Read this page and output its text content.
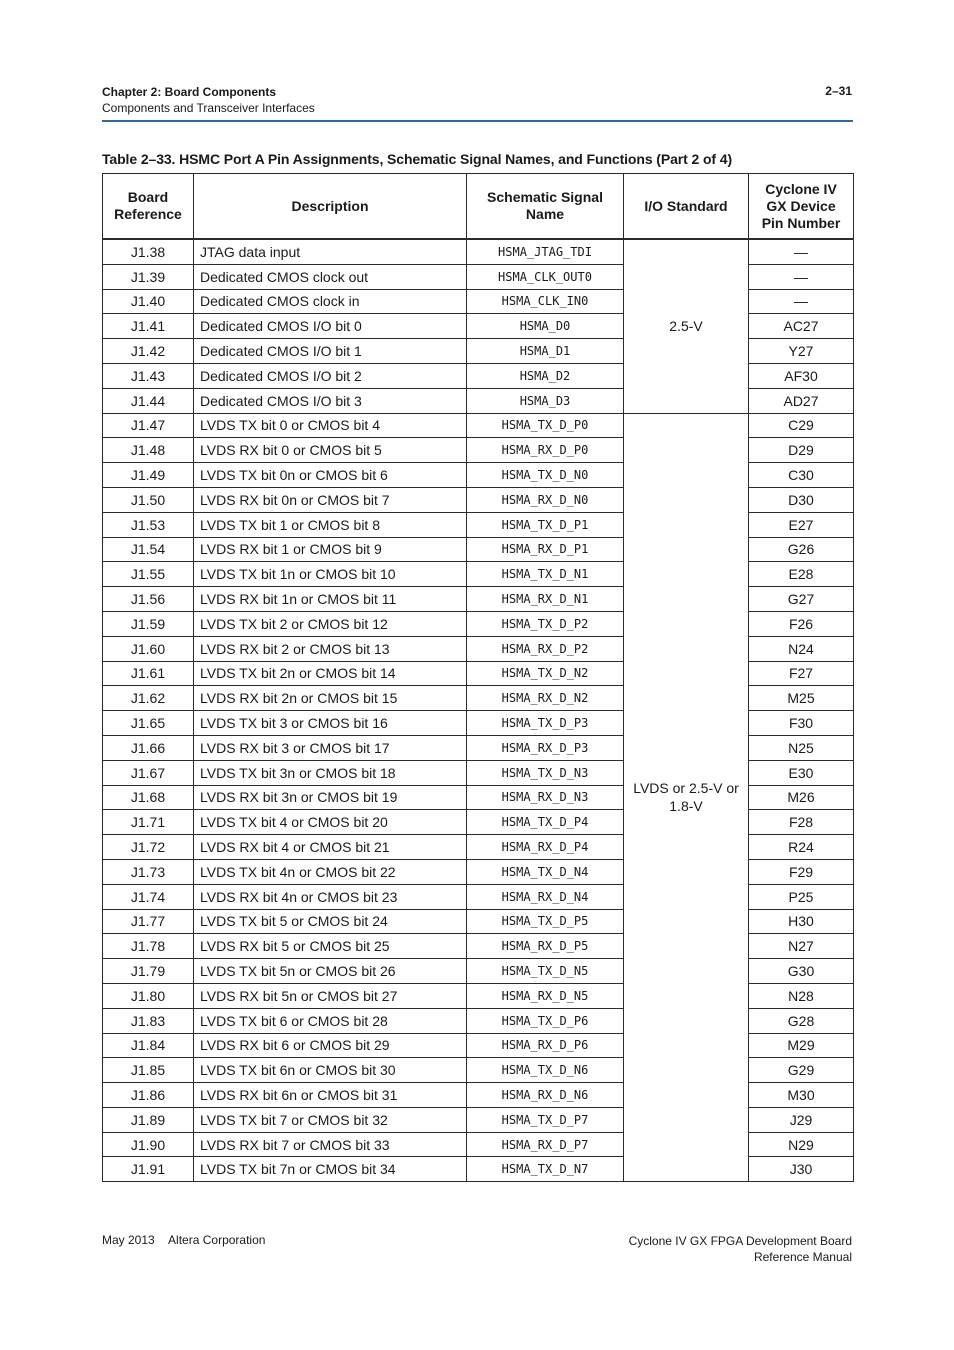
Chapter 2: Board Components
Components and Transceiver Interfaces
2–31
Table 2–33. HSMC Port A Pin Assignments, Schematic Signal Names, and Functions (Part 2 of 4)
Board Reference	Description	Schematic Signal Name	I/O Standard	Cyclone IV GX Device Pin Number
J1.38	JTAG data input	HSMA_JTAG_TDI	2.5-V	—
J1.39	Dedicated CMOS clock out	HSMA_CLK_OUT0		—
J1.40	Dedicated CMOS clock in	HSMA_CLK_IN0		—
J1.41	Dedicated CMOS I/O bit 0	HSMA_D0		AC27
J1.42	Dedicated CMOS I/O bit 1	HSMA_D1		Y27
J1.43	Dedicated CMOS I/O bit 2	HSMA_D2		AF30
J1.44	Dedicated CMOS I/O bit 3	HSMA_D3		AD27
J1.47	LVDS TX bit 0 or CMOS bit 4	HSMA_TX_D_P0	LVDS or 2.5-V or 1.8-V	C29
J1.48	LVDS RX bit 0 or CMOS bit 5	HSMA_RX_D_P0		D29
J1.49	LVDS TX bit 0n or CMOS bit 6	HSMA_TX_D_N0		C30
J1.50	LVDS RX bit 0n or CMOS bit 7	HSMA_RX_D_N0		D30
J1.53	LVDS TX bit 1 or CMOS bit 8	HSMA_TX_D_P1		E27
J1.54	LVDS RX bit 1 or CMOS bit 9	HSMA_RX_D_P1		G26
J1.55	LVDS TX bit 1n or CMOS bit 10	HSMA_TX_D_N1		E28
J1.56	LVDS RX bit 1n or CMOS bit 11	HSMA_RX_D_N1		G27
J1.59	LVDS TX bit 2 or CMOS bit 12	HSMA_TX_D_P2		F26
J1.60	LVDS RX bit 2 or CMOS bit 13	HSMA_RX_D_P2		N24
J1.61	LVDS TX bit 2n or CMOS bit 14	HSMA_TX_D_N2		F27
J1.62	LVDS RX bit 2n or CMOS bit 15	HSMA_RX_D_N2		M25
J1.65	LVDS TX bit 3 or CMOS bit 16	HSMA_TX_D_P3		F30
J1.66	LVDS RX bit 3 or CMOS bit 17	HSMA_RX_D_P3		N25
J1.67	LVDS TX bit 3n or CMOS bit 18	HSMA_TX_D_N3		E30
J1.68	LVDS RX bit 3n or CMOS bit 19	HSMA_RX_D_N3		M26
J1.71	LVDS TX bit 4 or CMOS bit 20	HSMA_TX_D_P4		F28
J1.72	LVDS RX bit 4 or CMOS bit 21	HSMA_RX_D_P4		R24
J1.73	LVDS TX bit 4n or CMOS bit 22	HSMA_TX_D_N4		F29
J1.74	LVDS RX bit 4n or CMOS bit 23	HSMA_RX_D_N4		P25
J1.77	LVDS TX bit 5 or CMOS bit 24	HSMA_TX_D_P5		H30
J1.78	LVDS RX bit 5 or CMOS bit 25	HSMA_RX_D_P5		N27
J1.79	LVDS TX bit 5n or CMOS bit 26	HSMA_TX_D_N5		G30
J1.80	LVDS RX bit 5n or CMOS bit 27	HSMA_RX_D_N5		N28
J1.83	LVDS TX bit 6 or CMOS bit 28	HSMA_TX_D_P6		G28
J1.84	LVDS RX bit 6 or CMOS bit 29	HSMA_RX_D_P6		M29
J1.85	LVDS TX bit 6n or CMOS bit 30	HSMA_TX_D_N6		G29
J1.86	LVDS RX bit 6n or CMOS bit 31	HSMA_RX_D_N6		M30
J1.89	LVDS TX bit 7 or CMOS bit 32	HSMA_TX_D_P7		J29
J1.90	LVDS RX bit 7 or CMOS bit 33	HSMA_RX_D_P7		N29
J1.91	LVDS TX bit 7n or CMOS bit 34	HSMA_TX_D_N7		J30
May 2013 Altera Corporation	Cyclone IV GX FPGA Development Board
Reference Manual
